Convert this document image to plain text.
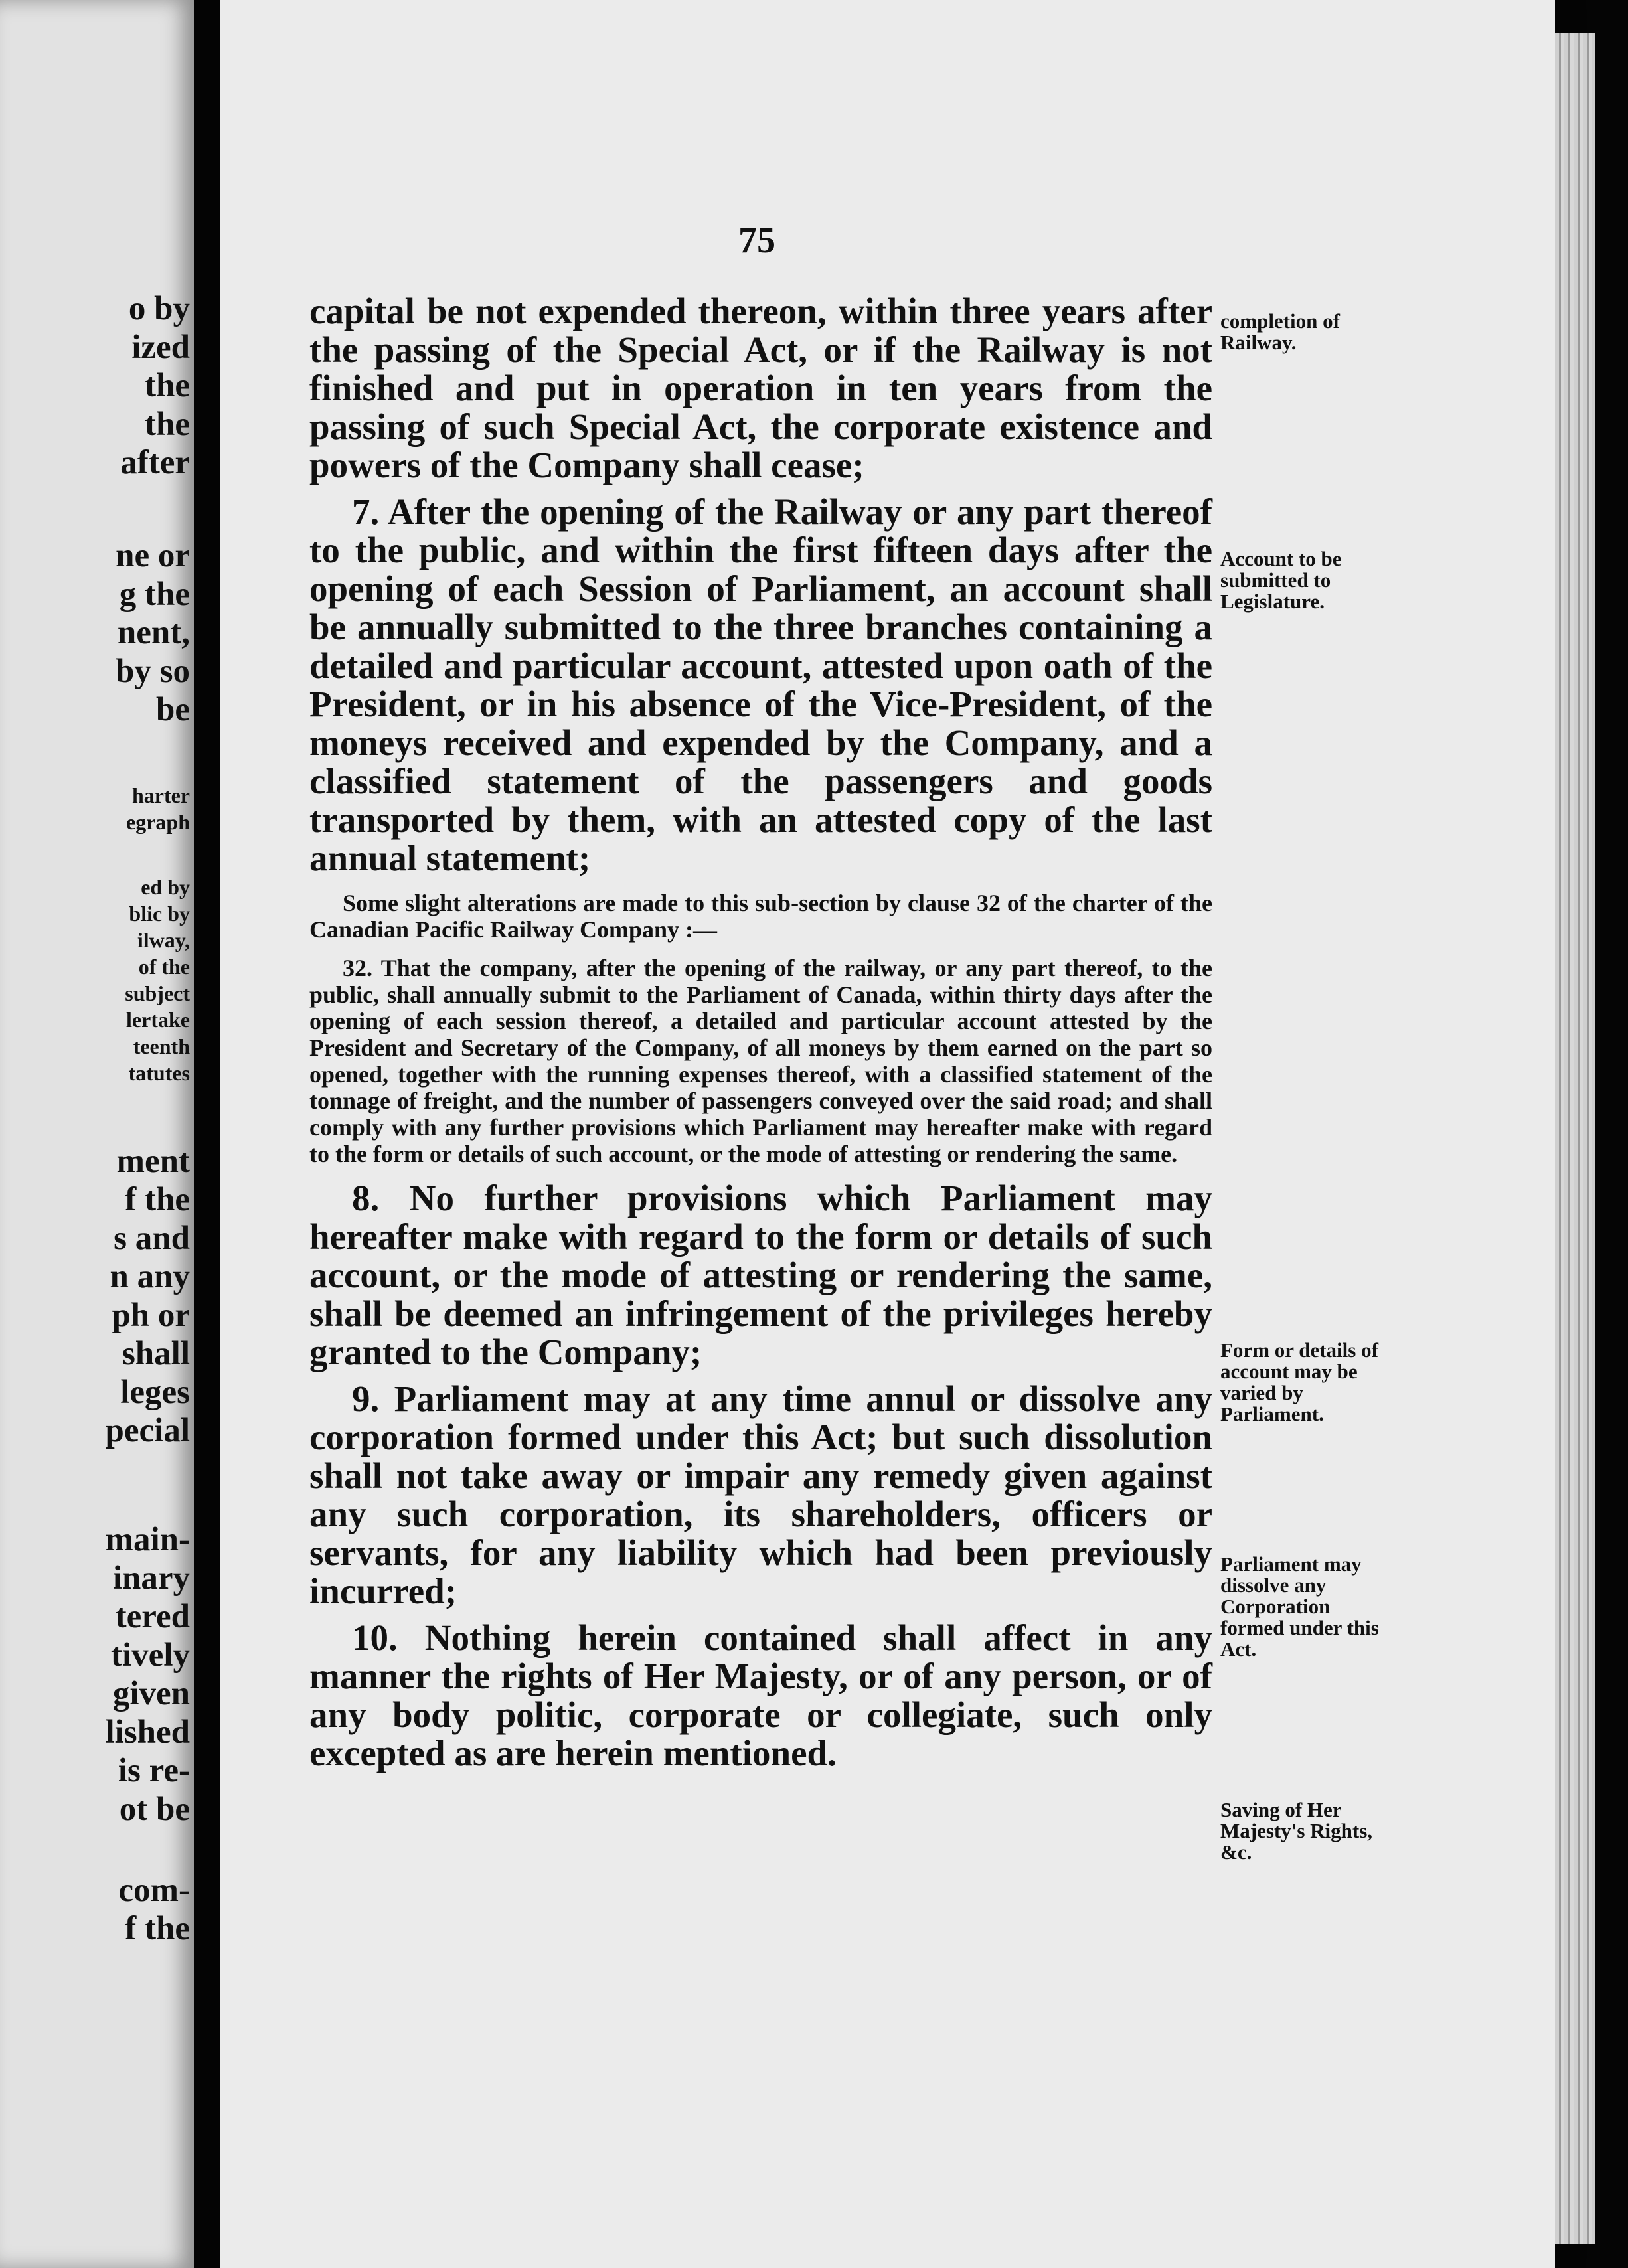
o by
ized
the
the
after
ne or
g the
nent,
by so
be
harter
egraph
ed by
blic by
ilway,
of the
subject
lertake
teenth
tatutes
ment
f the
s and
n any
ph or
shall
leges
pecial
main-
inary
tered
tively
given
lished
is re-
ot be
com-
f the
75

capital be not expended thereon, within three years after the passing of the Special Act, or if the Railway is not finished and put in operation in ten years from the passing of such Special Act, the corporate existence and powers of the Company shall cease;

7. After the opening of the Railway or any part thereof to the public, and within the first fifteen days after the opening of each Session of Parliament, an account shall be annually submitted to the three branches containing a detailed and particular account, attested upon oath of the President, or in his absence of the Vice-President, of the moneys received and expended by the Company, and a classified statement of the passengers and goods transported by them, with an attested copy of the last annual statement;

Some slight alterations are made to this sub-section by clause 32 of the charter of the Canadian Pacific Railway Company :—

32. That the company, after the opening of the railway, or any part thereof, to the public, shall annually submit to the Parliament of Canada, within thirty days after the opening of each session thereof, a detailed and particular account attested by the President and Secretary of the Company, of all moneys by them earned on the part so opened, together with the running expenses thereof, with a classified statement of the tonnage of freight, and the number of passengers conveyed over the said road; and shall comply with any further provisions which Parliament may hereafter make with regard to the form or details of such account, or the mode of attesting or rendering the same.

8. No further provisions which Parliament may hereafter make with regard to the form or details of such account, or the mode of attesting or rendering the same, shall be deemed an infringement of the privileges hereby granted to the Company;

9. Parliament may at any time annul or dissolve any corporation formed under this Act; but such dissolution shall not take away or impair any remedy given against any such corporation, its shareholders, officers or servants, for any liability which had been previously incurred;

10. Nothing herein contained shall affect in any manner the rights of Her Majesty, or of any person, or of any body politic, corporate or collegiate, such only excepted as are herein mentioned.

completion of Railway.
Account to be submitted to Legislature.
Form or details of account may be varied by Parliament.
Parliament may dissolve any Corporation formed under this Act.
Saving of Her Majesty's Rights, &c.
